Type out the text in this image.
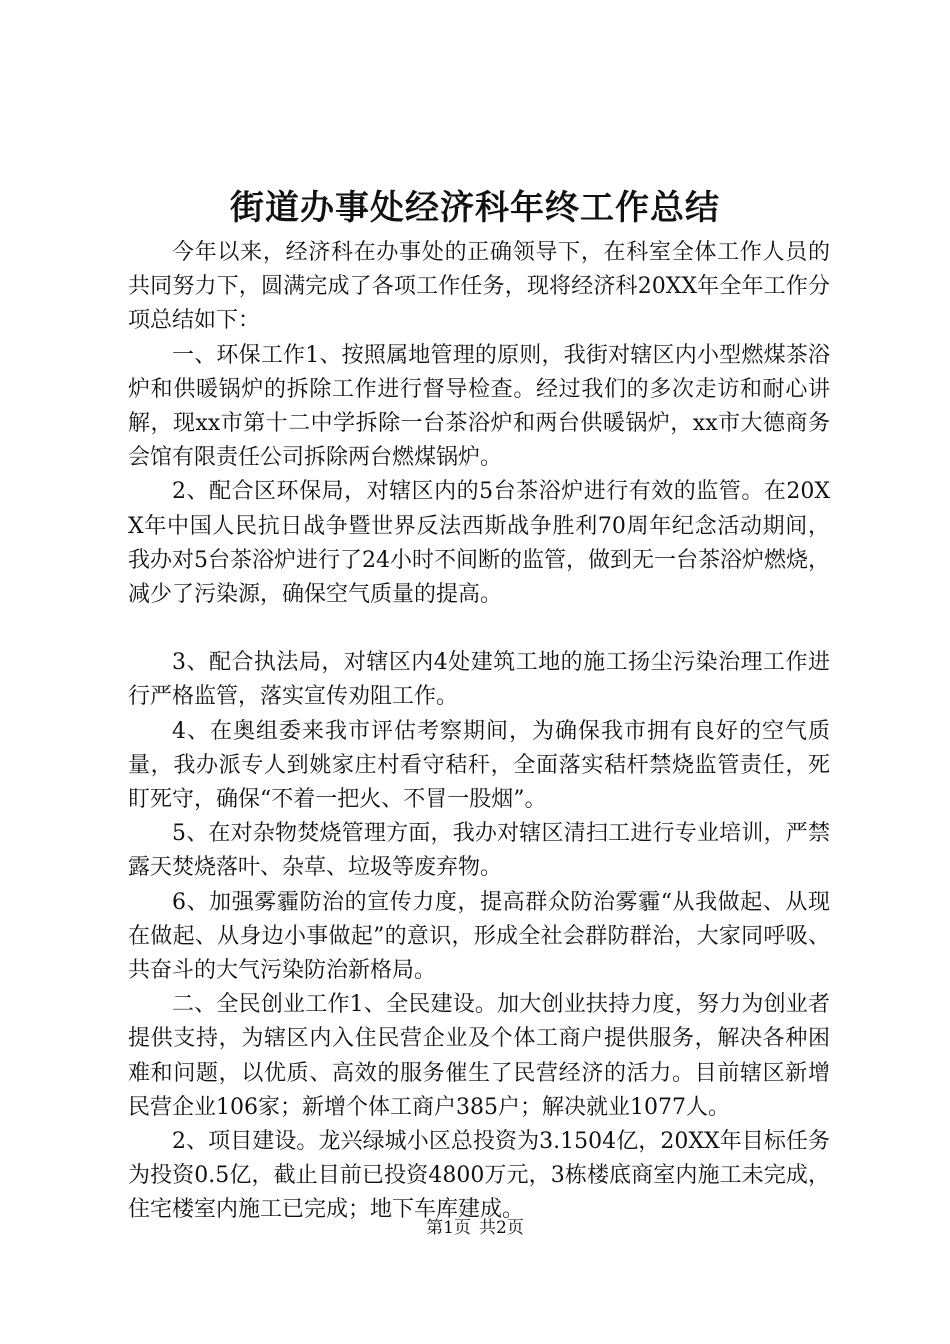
街道办事处经济科年终工作总结

今年以来，经济科在办事处的正确领导下，在科室全体工作人员的共同努力下，圆满完成了各项工作任务，现将经济科20XX年全年工作分项总结如下：

一、环保工作1、按照属地管理的原则，我街对辖区内小型燃煤茶浴炉和供暖锅炉的拆除工作进行督导检查。经过我们的多次走访和耐心讲解，现xx市第十二中学拆除一台茶浴炉和两台供暖锅炉，xx市大德商务会馆有限责任公司拆除两台燃煤锅炉。

2、配合区环保局，对辖区内的5台茶浴炉进行有效的监管。在20XX年中国人民抗日战争暨世界反法西斯战争胜利70周年纪念活动期间，我办对5台茶浴炉进行了24小时不间断的监管，做到无一台茶浴炉燃烧，减少了污染源，确保空气质量的提高。

3、配合执法局，对辖区内4处建筑工地的施工扬尘污染治理工作进行严格监管，落实宣传劝阻工作。

4、在奥组委来我市评估考察期间，为确保我市拥有良好的空气质量，我办派专人到姚家庄村看守秸秆，全面落实秸杆禁烧监管责任，死盯死守，确保“不着一把火、不冒一股烟”。

5、在对杂物焚烧管理方面，我办对辖区清扫工进行专业培训，严禁露天焚烧落叶、杂草、垃圾等废弃物。

6、加强雾霾防治的宣传力度，提高群众防治雾霾“从我做起、从现在做起、从身边小事做起”的意识，形成全社会群防群治，大家同呼吸、共奋斗的大气污染防治新格局。

二、全民创业工作1、全民建设。加大创业扶持力度，努力为创业者提供支持，为辖区内入住民营企业及个体工商户提供服务，解决各种困难和问题，以优质、高效的服务催生了民营经济的活力。目前辖区新增民营企业106家；新增个体工商户385户；解决就业1077人。

2、项目建设。龙兴绿城小区总投资为3.1504亿，20XX年目标任务为投资0.5亿，截止目前已投资4800万元，3栋楼底商室内施工未完成，住宅楼室内施工已完成；地下车库建成。

第1页 共2页
